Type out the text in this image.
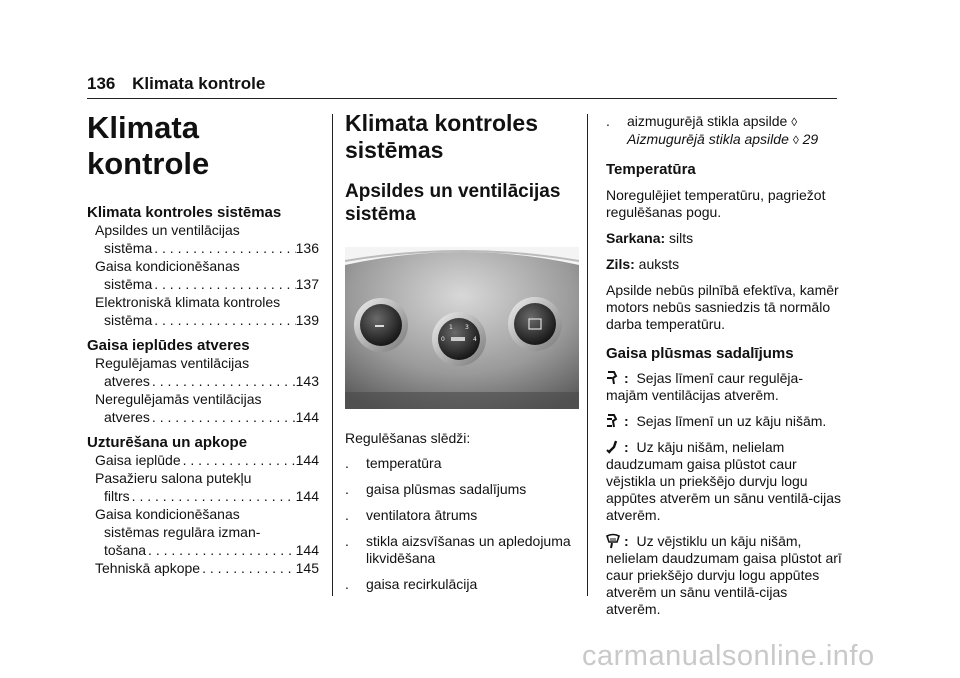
136 Klimata kontrole
Klimata kontrole
Klimata kontroles sistēmas
Apsildes un ventilācijas
sistēma . . .	136
Gaisa kondicionēšanas
sistēma . . .	137
Elektroniskā klimata kontroles
sistēma . . .	139
Gaisa ieplūdes atveres
Regulējamas ventilācijas
atveres . . .	143
Neregulējamās ventilācijas
atveres . . .	144
Uzturēšana un apkope
Gaisa ieplūde . . .	144
Pasažieru salona putekļu
filtrs . . .	144
Gaisa kondicionēšanas
sistēmas regulāra izman-
tošana . . .	144
Tehniskā apkope . . .	145
Klimata kontroles sistēmas
Apsildes un ventilācijas sistēma
1 3
0	4

Regulēšanas slēdži:

.	temperatūra
.	gaisa plūsmas sadalījums
.	ventilatora ātrums
.	stikla aizsvīšanas un apledojuma likvidēšana
.	gaisa recirkulācija
.	aizmugurējā stikla apsilde ◊
Aizmugurējā stikla apsilde ◊ 29
Temperatūra

Noregulējiet temperatūru, pagriežot regulēšanas pogu.

Sarkana: silts

Zils: auksts

Apsilde nebūs pilnībā efektīva, kamēr motors nebūs sasniedzis tā normālo darba temperatūru.

Gaisa plūsmas sadalījums

: Sejas līmenī caur regulēja-majām ventilācijas atverēm.

: Sejas līmenī un uz kāju nišām.

: Uz kāju nišām, nelielam daudzumam gaisa plūstot caur vējstikla un priekšējo durvju logu appūtes atverēm un sānu ventilā-cijas atverēm.

: Uz vējstiklu un kāju nišām, nelielam daudzumam gaisa plūstot arī caur priekšējo durvju logu appūtes atverēm un sānu ventilā-cijas atverēm.

carmanualsonline.info
